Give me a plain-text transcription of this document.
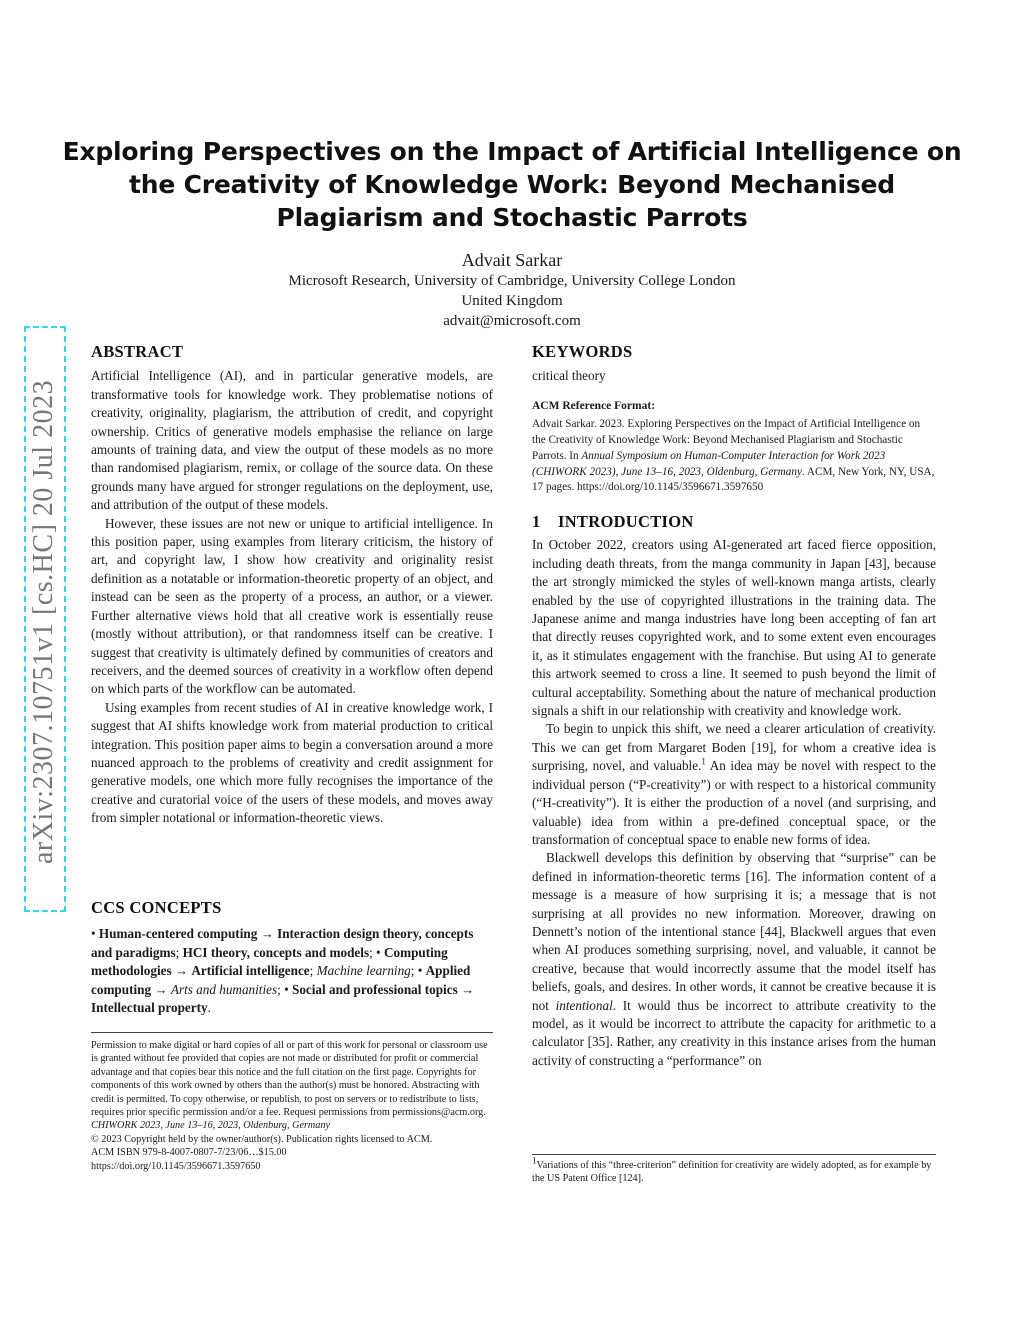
Exploring Perspectives on the Impact of Artificial Intelligence on the Creativity of Knowledge Work: Beyond Mechanised Plagiarism and Stochastic Parrots
Advait Sarkar
Microsoft Research, University of Cambridge, University College London
United Kingdom
advait@microsoft.com
arXiv:2307.10751v1 [cs.HC] 20 Jul 2023
ABSTRACT

Artificial Intelligence (AI), and in particular generative models, are transformative tools for knowledge work. They problematise notions of creativity, originality, plagiarism, the attribution of credit, and copyright ownership. Critics of generative models emphasise the reliance on large amounts of training data, and view the output of these models as no more than randomised plagiarism, remix, or collage of the source data. On these grounds many have argued for stronger regulations on the deployment, use, and attribution of the output of these models.

However, these issues are not new or unique to artificial intelligence. In this position paper, using examples from literary criticism, the history of art, and copyright law, I show how creativity and originality resist definition as a notatable or information-theoretic property of an object, and instead can be seen as the property of a process, an author, or a viewer. Further alternative views hold that all creative work is essentially reuse (mostly without attribution), or that randomness itself can be creative. I suggest that creativity is ultimately defined by communities of creators and receivers, and the deemed sources of creativity in a workflow often depend on which parts of the workflow can be automated.

Using examples from recent studies of AI in creative knowledge work, I suggest that AI shifts knowledge work from material production to critical integration. This position paper aims to begin a conversation around a more nuanced approach to the problems of creativity and credit assignment for generative models, one which more fully recognises the importance of the creative and curatorial voice of the users of these models, and moves away from simpler notational or information-theoretic views.

CCS CONCEPTS
• Human-centered computing → Interaction design theory, concepts and paradigms; HCI theory, concepts and models; • Computing methodologies → Artificial intelligence; Machine learning; • Applied computing → Arts and humanities; • Social and professional topics → Intellectual property.

Permission to make digital or hard copies of all or part of this work for personal or classroom use is granted without fee provided that copies are not made or distributed for profit or commercial advantage and that copies bear this notice and the full citation on the first page. Copyrights for components of this work owned by others than the author(s) must be honored. Abstracting with credit is permitted. To copy otherwise, or republish, to post on servers or to redistribute to lists, requires prior specific permission and/or a fee. Request permissions from permissions@acm.org.

CHIWORK 2023, June 13–16, 2023, Oldenburg, Germany

© 2023 Copyright held by the owner/author(s). Publication rights licensed to ACM.

ACM ISBN 979-8-4007-0807-7/23/06…$15.00

https://doi.org/10.1145/3596671.3597650

KEYWORDS

critical theory

ACM Reference Format:
Advait Sarkar. 2023. Exploring Perspectives on the Impact of Artificial Intelligence on the Creativity of Knowledge Work: Beyond Mechanised Plagiarism and Stochastic Parrots. In Annual Symposium on Human-Computer Interaction for Work 2023 (CHIWORK 2023), June 13–16, 2023, Oldenburg, Germany. ACM, New York, NY, USA, 17 pages. https://doi.org/10.1145/3596671.3597650
1 INTRODUCTION

In October 2022, creators using AI-generated art faced fierce opposition, including death threats, from the manga community in Japan [43], because the art strongly mimicked the styles of well-known manga artists, clearly enabled by the use of copyrighted illustrations in the training data. The Japanese anime and manga industries have long been accepting of fan art that directly reuses copyrighted work, and to some extent even encourages it, as it stimulates engagement with the franchise. But using AI to generate this artwork seemed to cross a line. It seemed to push beyond the limit of cultural acceptability. Something about the nature of mechanical production signals a shift in our relationship with creativity and knowledge work.

To begin to unpick this shift, we need a clearer articulation of creativity. This we can get from Margaret Boden [19], for whom a creative idea is surprising, novel, and valuable.$^1$ An idea may be novel with respect to the individual person (“P-creativity”) or with respect to a historical community (“H-creativity”). It is either the production of a novel (and surprising, and valuable) idea from within a pre-defined conceptual space, or the transformation of conceptual space to enable new forms of idea.

Blackwell develops this definition by observing that “surprise” can be defined in information-theoretic terms [16]. The information content of a message is a measure of how surprising it is; a message that is not surprising at all provides no new information. Moreover, drawing on Dennett’s notion of the intentional stance [44], Blackwell argues that even when AI produces something surprising, novel, and valuable, it cannot be creative, because that would incorrectly assume that the model itself has beliefs, goals, and desires. In other words, it cannot be creative because it is not intentional. It would thus be incorrect to attribute creativity to the model, as it would be incorrect to attribute the capacity for arithmetic to a calculator [35]. Rather, any creativity in this instance arises from the human activity of constructing a “performance” on

$^1$Variations of this “three-criterion” definition for creativity are widely adopted, as for example by the US Patent Office [124].
